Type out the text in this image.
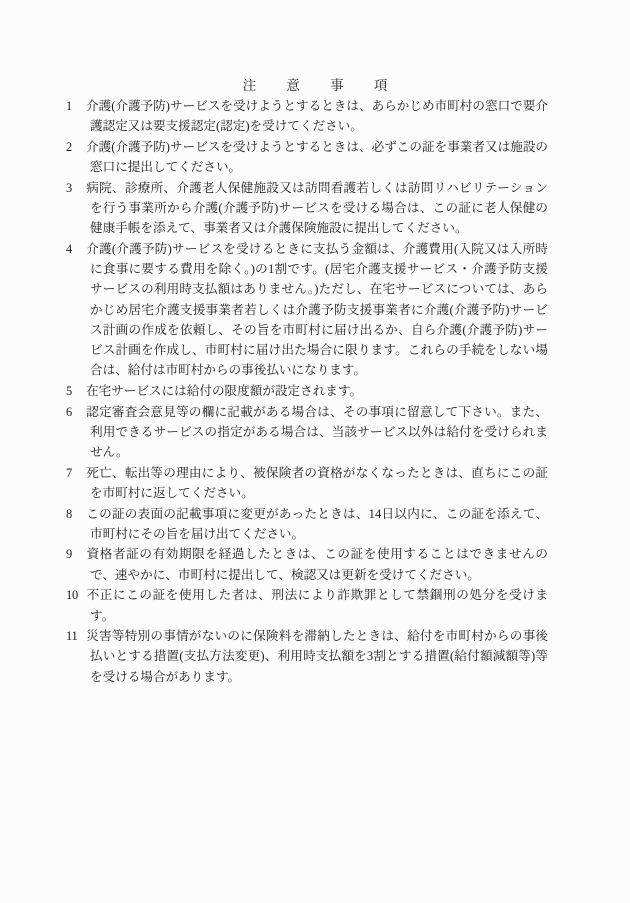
注　意　事　項

1 介護(介護予防)サービスを受けようとするときは、あらかじめ市町村の窓口で要介護認定又は要支援認定(認定)を受けてください。

2 介護(介護予防)サービスを受けようとするときは、必ずこの証を事業者又は施設の窓口に提出してください。

3 病院、診療所、介護老人保健施設又は訪問看護若しくは訪問リハビリテーションを行う事業所から介護(介護予防)サービスを受ける場合は、この証に老人保健の健康手帳を添えて、事業者又は介護保険施設に提出してください。

4 介護(介護予防)サービスを受けるときに支払う金額は、介護費用(入院又は入所時に食事に要する費用を除く。)の1割です。(居宅介護支援サービス・介護予防支援サービスの利用時支払額はありません。)ただし、在宅サービスについては、あらかじめ居宅介護支援事業者若しくは介護予防支援事業者に介護(介護予防)サービス計画の作成を依頼し、その旨を市町村に届け出るか、自ら介護(介護予防)サービス計画を作成し、市町村に届け出た場合に限ります。これらの手続をしない場合は、給付は市町村からの事後払いになります。

5 在宅サービスには給付の限度額が設定されます。

6 認定審査会意見等の欄に記載がある場合は、その事項に留意して下さい。また、利用できるサービスの指定がある場合は、当該サービス以外は給付を受けられません。

7 死亡、転出等の理由により、被保険者の資格がなくなったときは、直ちにこの証を市町村に返してください。

8 この証の表面の記載事項に変更があったときは、14日以内に、この証を添えて、市町村にその旨を届け出てください。

9 資格者証の有効期限を経過したときは、この証を使用することはできませんので、速やかに、市町村に提出して、検認又は更新を受けてください。

10 不正にこの証を使用した者は、刑法により詐欺罪として禁錮刑の処分を受けます。

11 災害等特別の事情がないのに保険料を滞納したときは、給付を市町村からの事後払いとする措置(支払方法変更)、利用時支払額を3割とする措置(給付額減額等)等を受ける場合があります。
